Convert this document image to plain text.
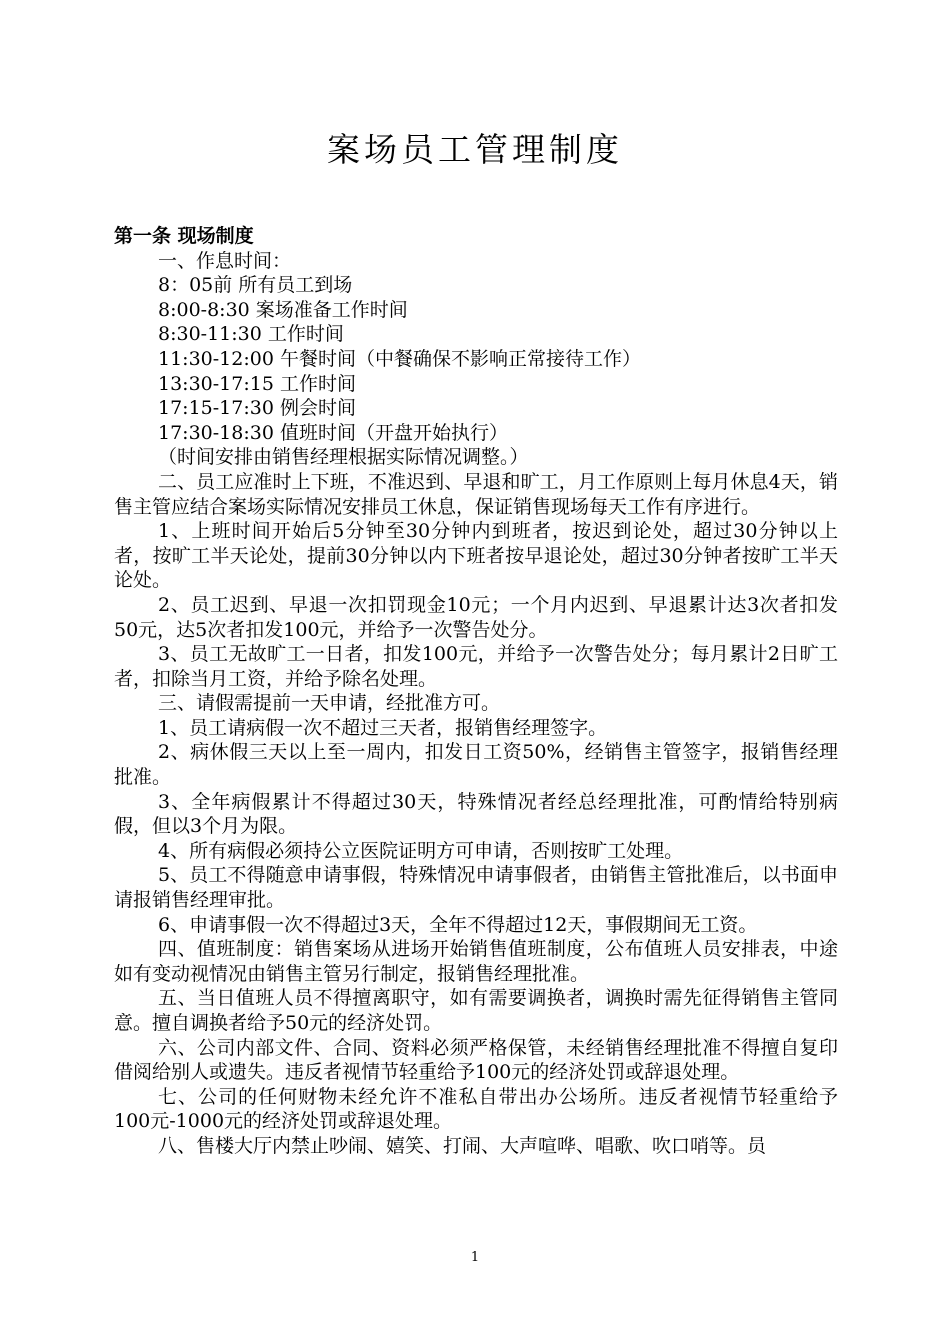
案场员工管理制度

第一条 现场制度

一、作息时间：

8：05前 所有员工到场

8:00-8:30 案场准备工作时间

8:30-11:30 工作时间

11:30-12:00 午餐时间（中餐确保不影响正常接待工作）

13:30-17:15 工作时间

17:15-17:30 例会时间

17:30-18:30 值班时间（开盘开始执行）

（时间安排由销售经理根据实际情况调整。）

二、员工应准时上下班，不准迟到、早退和旷工，月工作原则上每月休息4天，销售主管应结合案场实际情况安排员工休息，保证销售现场每天工作有序进行。

1、上班时间开始后5分钟至30分钟内到班者，按迟到论处，超过30分钟以上者，按旷工半天论处，提前30分钟以内下班者按早退论处，超过30分钟者按旷工半天论处。

2、员工迟到、早退一次扣罚现金10元；一个月内迟到、早退累计达3次者扣发50元，达5次者扣发100元，并给予一次警告处分。

3、员工无故旷工一日者，扣发100元，并给予一次警告处分；每月累计2日旷工者，扣除当月工资，并给予除名处理。

三、请假需提前一天申请，经批准方可。

1、员工请病假一次不超过三天者，报销售经理签字。

2、病休假三天以上至一周内，扣发日工资50%，经销售主管签字，报销售经理批准。

3、全年病假累计不得超过30天，特殊情况者经总经理批准，可酌情给特别病假，但以3个月为限。

4、所有病假必须持公立医院证明方可申请，否则按旷工处理。

5、员工不得随意申请事假，特殊情况申请事假者，由销售主管批准后，以书面申请报销售经理审批。

6、申请事假一次不得超过3天，全年不得超过12天，事假期间无工资。

四、值班制度：销售案场从进场开始销售值班制度，公布值班人员安排表，中途如有变动视情况由销售主管另行制定，报销售经理批准。

五、当日值班人员不得擅离职守，如有需要调换者，调换时需先征得销售主管同意。擅自调换者给予50元的经济处罚。

六、公司内部文件、合同、资料必须严格保管，未经销售经理批准不得擅自复印借阅给别人或遗失。违反者视情节轻重给予100元的经济处罚或辞退处理。

七、公司的任何财物未经允许不准私自带出办公场所。违反者视情节轻重给予100元-1000元的经济处罚或辞退处理。

八、售楼大厅内禁止吵闹、嬉笑、打闹、大声喧哗、唱歌、吹口哨等。员

1
